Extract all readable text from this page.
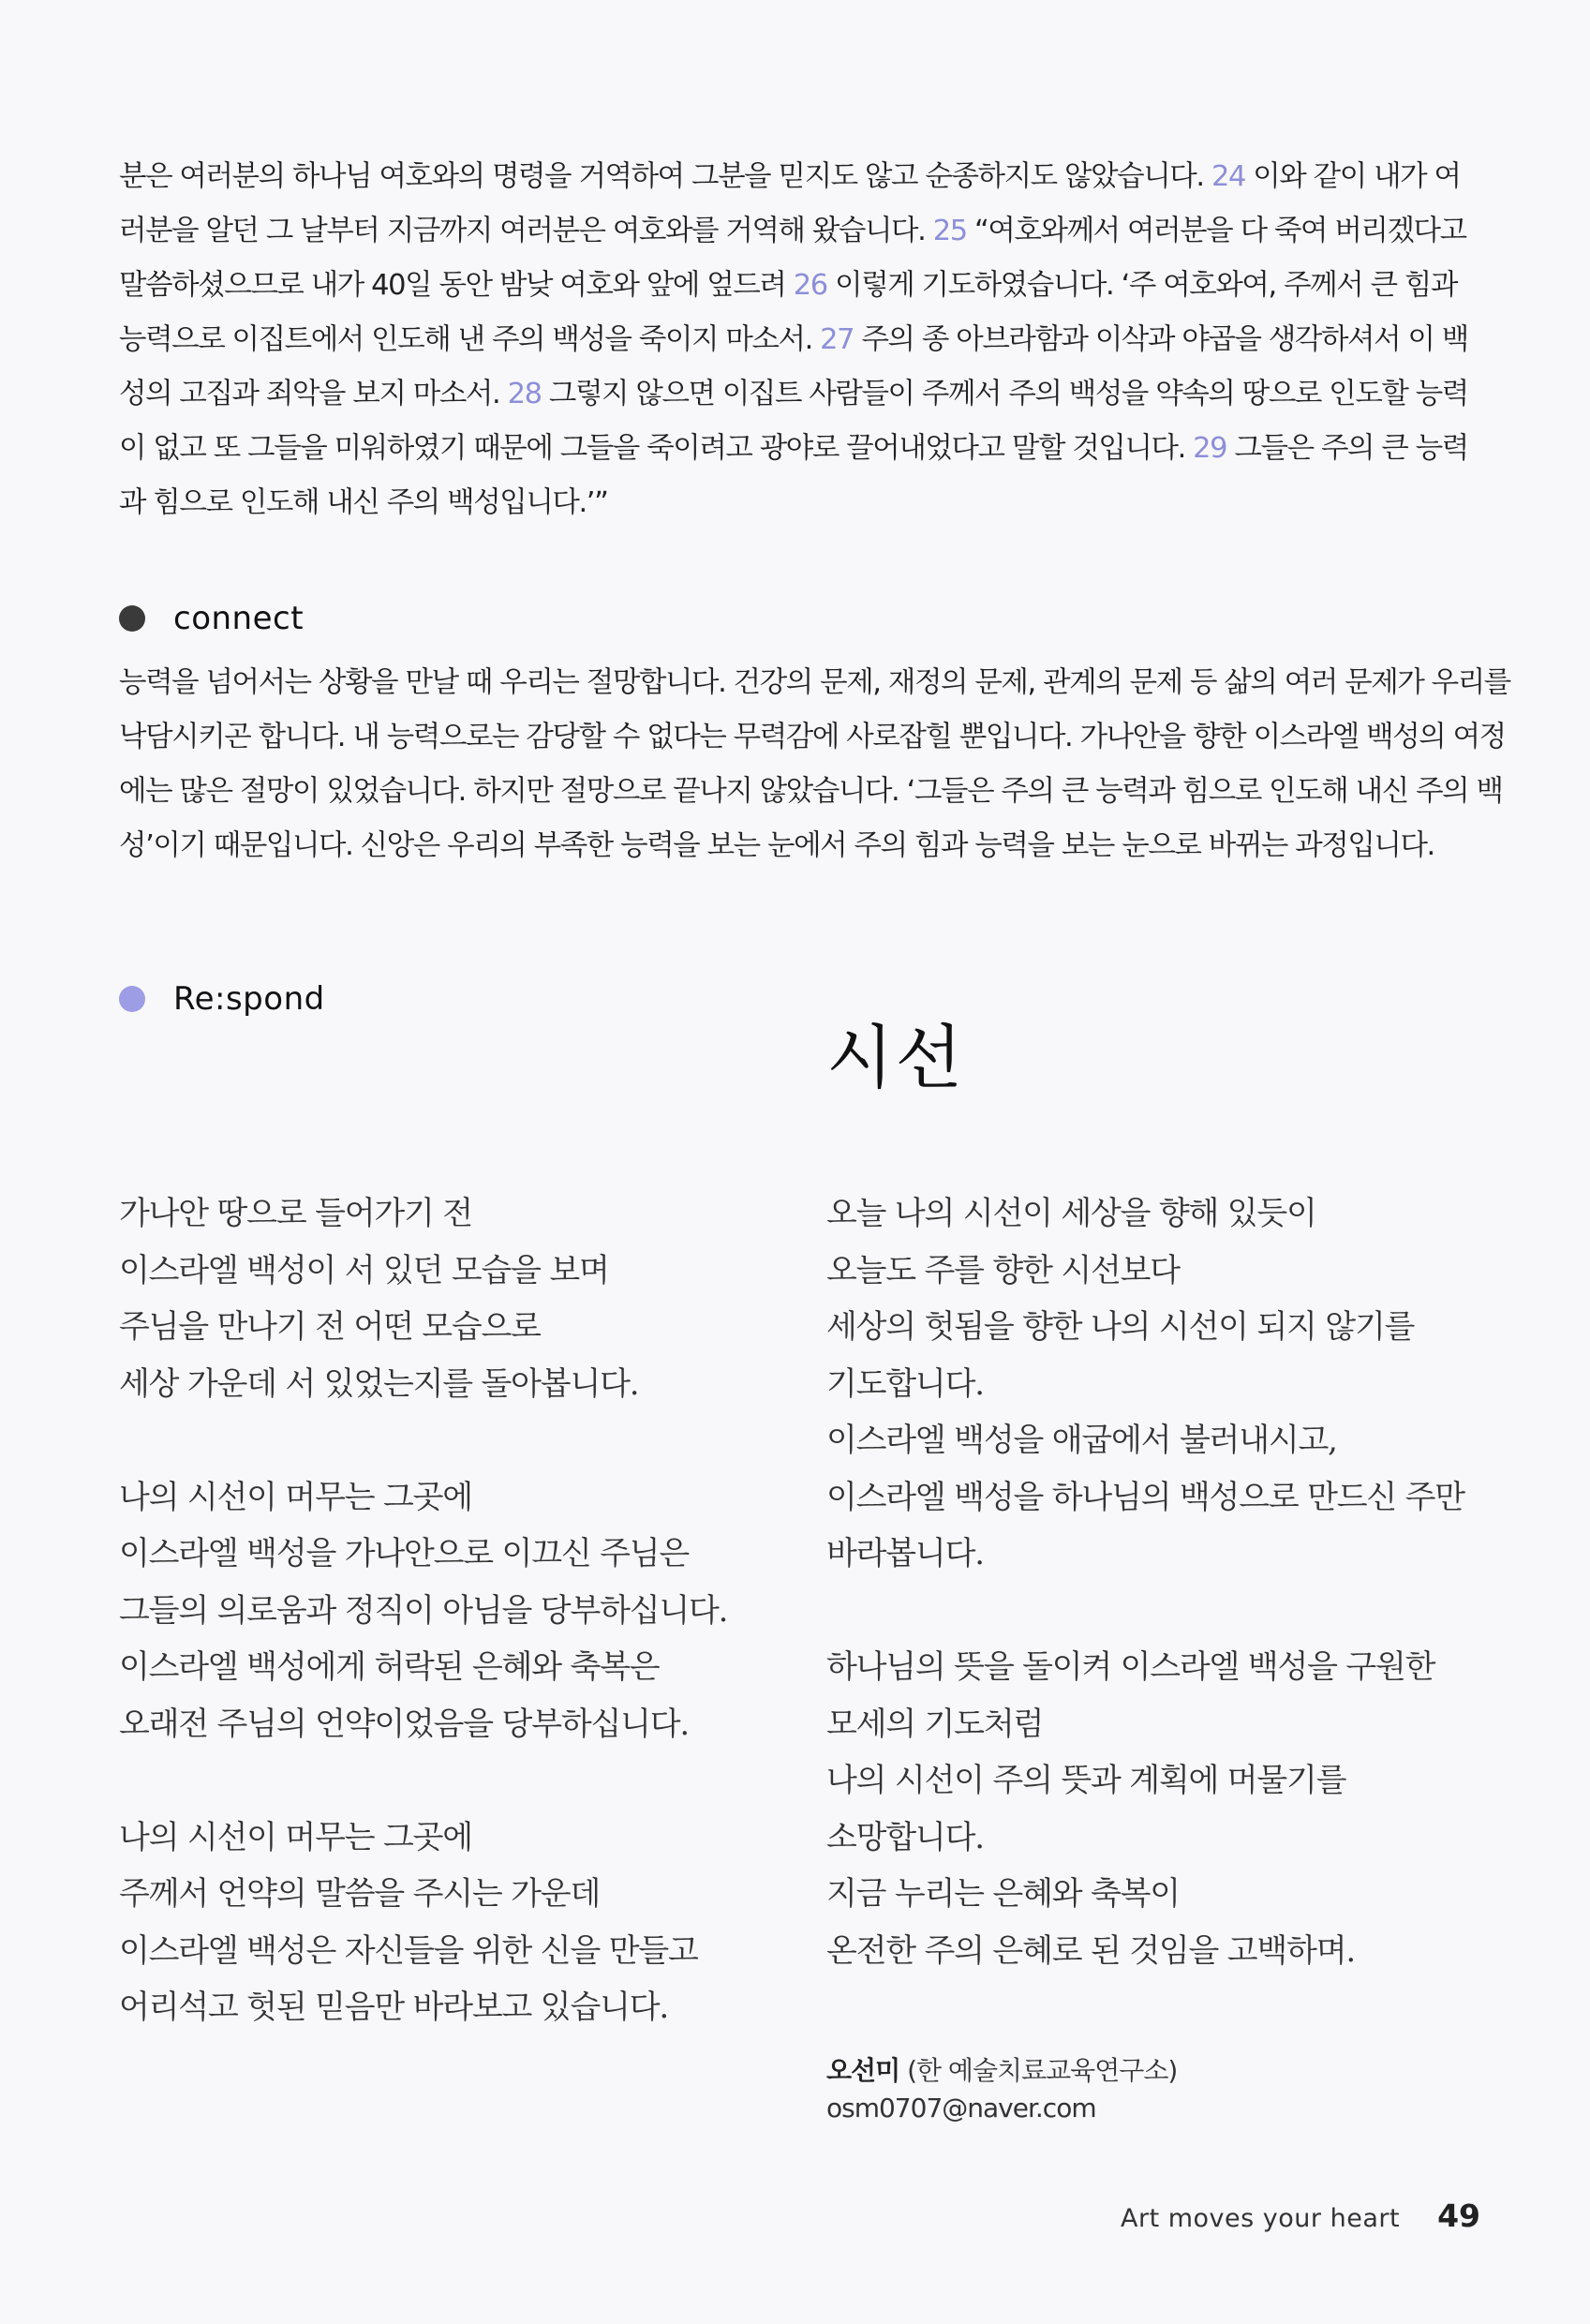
분은 여러분의 하나님 여호와의 명령을 거역하여 그분을 믿지도 않고 순종하지도 않았습니다. 24 이와 같이 내가 여
러분을 알던 그 날부터 지금까지 여러분은 여호와를 거역해 왔습니다. 25 “여호와께서 여러분을 다 죽여 버리겠다고
말씀하셨으므로 내가 40일 동안 밤낮 여호와 앞에 엎드려 26 이렇게 기도하였습니다. ‘주 여호와여, 주께서 큰 힘과
능력으로 이집트에서 인도해 낸 주의 백성을 죽이지 마소서. 27 주의 종 아브라함과 이삭과 야곱을 생각하셔서 이 백
성의 고집과 죄악을 보지 마소서. 28 그렇지 않으면 이집트 사람들이 주께서 주의 백성을 약속의 땅으로 인도할 능력
이 없고 또 그들을 미워하였기 때문에 그들을 죽이려고 광야로 끌어내었다고 말할 것입니다. 29 그들은 주의 큰 능력
과 힘으로 인도해 내신 주의 백성입니다.’”
connect
능력을 넘어서는 상황을 만날 때 우리는 절망합니다. 건강의 문제, 재정의 문제, 관계의 문제 등 삶의 여러 문제가 우리를
낙담시키곤 합니다. 내 능력으로는 감당할 수 없다는 무력감에 사로잡힐 뿐입니다. 가나안을 향한 이스라엘 백성의 여정
에는 많은 절망이 있었습니다. 하지만 절망으로 끝나지 않았습니다. ‘그들은 주의 큰 능력과 힘으로 인도해 내신 주의 백
성’이기 때문입니다. 신앙은 우리의 부족한 능력을 보는 눈에서 주의 힘과 능력을 보는 눈으로 바뀌는 과정입니다.
Re:spond
시선
가나안 땅으로 들어가기 전
이스라엘 백성이 서 있던 모습을 보며
주님을 만나기 전 어떤 모습으로
세상 가운데 서 있었는지를 돌아봅니다.
나의 시선이 머무는 그곳에
이스라엘 백성을 가나안으로 이끄신 주님은
그들의 의로움과 정직이 아님을 당부하십니다.
이스라엘 백성에게 허락된 은혜와 축복은
오래전 주님의 언약이었음을 당부하십니다.
나의 시선이 머무는 그곳에
주께서 언약의 말씀을 주시는 가운데
이스라엘 백성은 자신들을 위한 신을 만들고
어리석고 헛된 믿음만 바라보고 있습니다.
오늘 나의 시선이 세상을 향해 있듯이
오늘도 주를 향한 시선보다
세상의 헛됨을 향한 나의 시선이 되지 않기를
기도합니다.
이스라엘 백성을 애굽에서 불러내시고,
이스라엘 백성을 하나님의 백성으로 만드신 주만
바라봅니다.
하나님의 뜻을 돌이켜 이스라엘 백성을 구원한
모세의 기도처럼
나의 시선이 주의 뜻과 계획에 머물기를
소망합니다.
지금 누리는 은혜와 축복이
온전한 주의 은혜로 된 것임을 고백하며.
오선미 (한 예술치료교육연구소)
osm0707@naver.com
Art moves your heart 49
